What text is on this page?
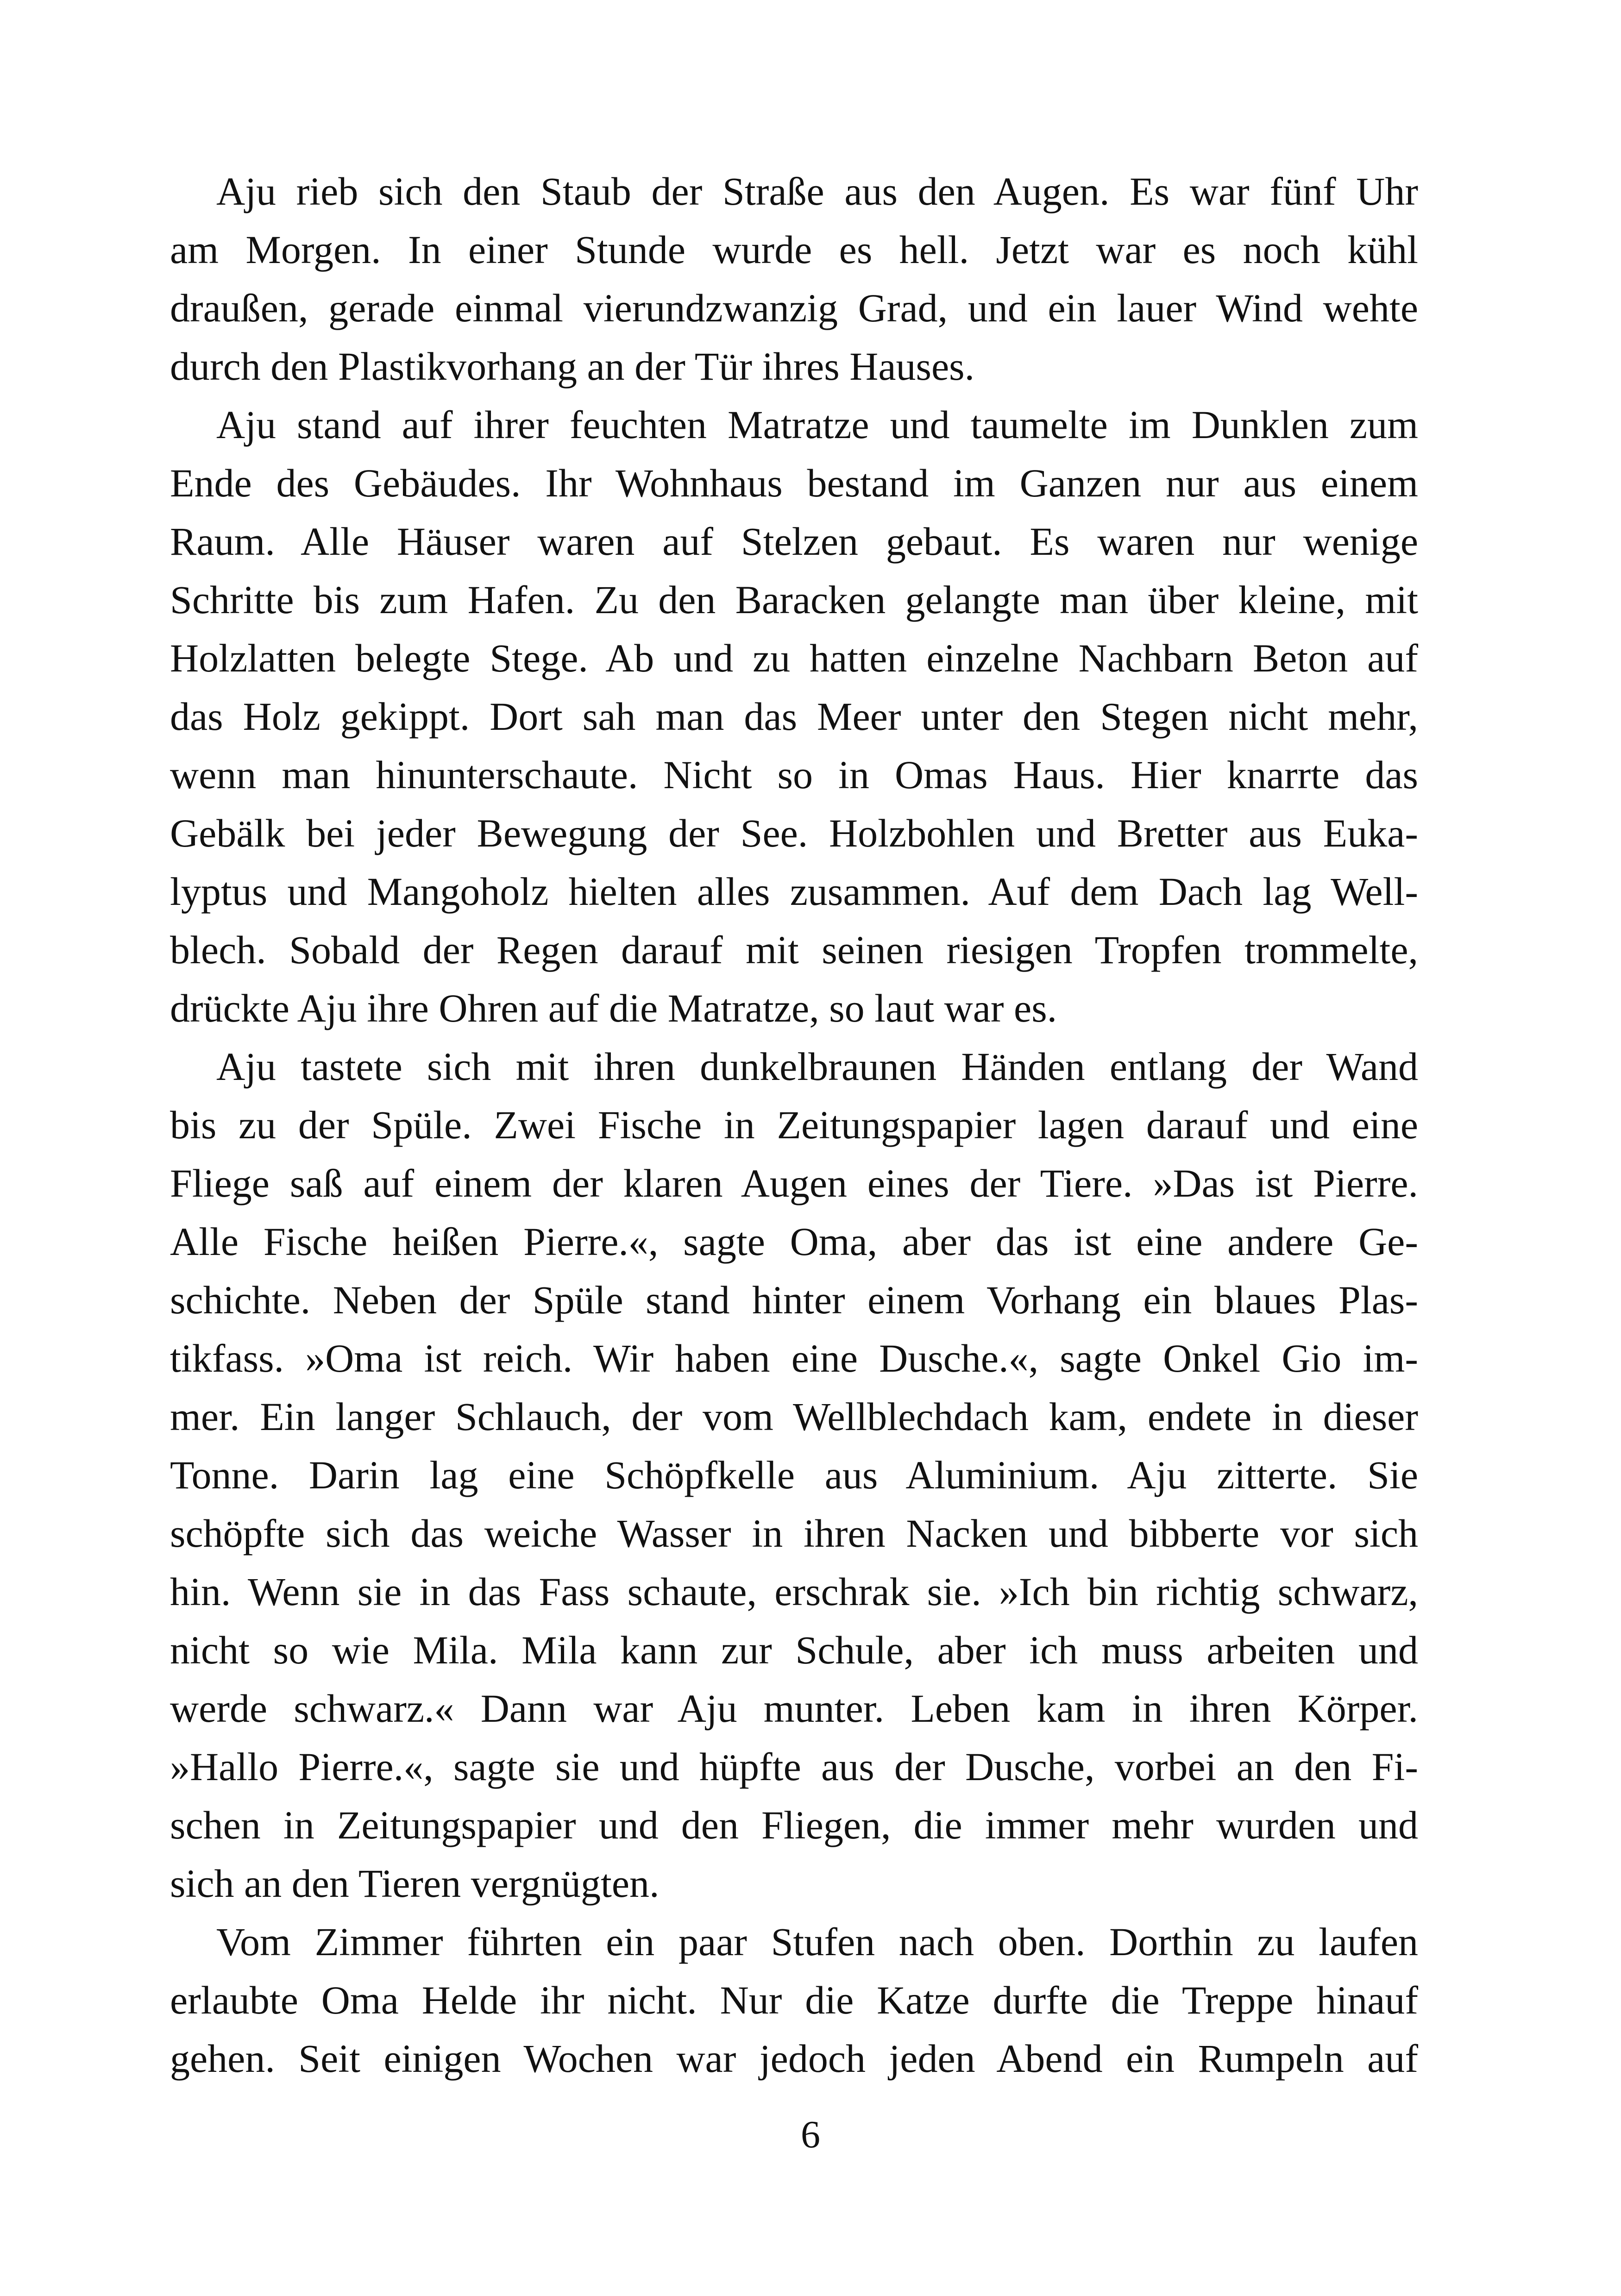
Aju rieb sich den Staub der Straße aus den Augen. Es war fünf Uhr
am Morgen. In einer Stunde wurde es hell. Jetzt war es noch kühl
draußen, gerade einmal vierundzwanzig Grad, und ein lauer Wind wehte
durch den Plastikvorhang an der Tür ihres Hauses.

Aju stand auf ihrer feuchten Matratze und taumelte im Dunklen zum
Ende des Gebäudes. Ihr Wohnhaus bestand im Ganzen nur aus einem
Raum. Alle Häuser waren auf Stelzen gebaut. Es waren nur wenige
Schritte bis zum Hafen. Zu den Baracken gelangte man über kleine, mit
Holzlatten belegte Stege. Ab und zu hatten einzelne Nachbarn Beton auf
das Holz gekippt. Dort sah man das Meer unter den Stegen nicht mehr,
wenn man hinunterschaute. Nicht so in Omas Haus. Hier knarrte das
Gebälk bei jeder Bewegung der See. Holzbohlen und Bretter aus Euka-
lyptus und Mangoholz hielten alles zusammen. Auf dem Dach lag Well-
blech. Sobald der Regen darauf mit seinen riesigen Tropfen trommelte,
drückte Aju ihre Ohren auf die Matratze, so laut war es.

Aju tastete sich mit ihren dunkelbraunen Händen entlang der Wand
bis zu der Spüle. Zwei Fische in Zeitungspapier lagen darauf und eine
Fliege saß auf einem der klaren Augen eines der Tiere. »Das ist Pierre.
Alle Fische heißen Pierre.«, sagte Oma, aber das ist eine andere Ge-
schichte. Neben der Spüle stand hinter einem Vorhang ein blaues Plas-
tikfass. »Oma ist reich. Wir haben eine Dusche.«, sagte Onkel Gio im-
mer. Ein langer Schlauch, der vom Wellblechdach kam, endete in dieser
Tonne. Darin lag eine Schöpfkelle aus Aluminium. Aju zitterte. Sie
schöpfte sich das weiche Wasser in ihren Nacken und bibberte vor sich
hin. Wenn sie in das Fass schaute, erschrak sie. »Ich bin richtig schwarz,
nicht so wie Mila. Mila kann zur Schule, aber ich muss arbeiten und
werde schwarz.« Dann war Aju munter. Leben kam in ihren Körper.
»Hallo Pierre.«, sagte sie und hüpfte aus der Dusche, vorbei an den Fi-
schen in Zeitungspapier und den Fliegen, die immer mehr wurden und
sich an den Tieren vergnügten.

Vom Zimmer führten ein paar Stufen nach oben. Dorthin zu laufen
erlaubte Oma Helde ihr nicht. Nur die Katze durfte die Treppe hinauf
gehen. Seit einigen Wochen war jedoch jeden Abend ein Rumpeln auf

6
